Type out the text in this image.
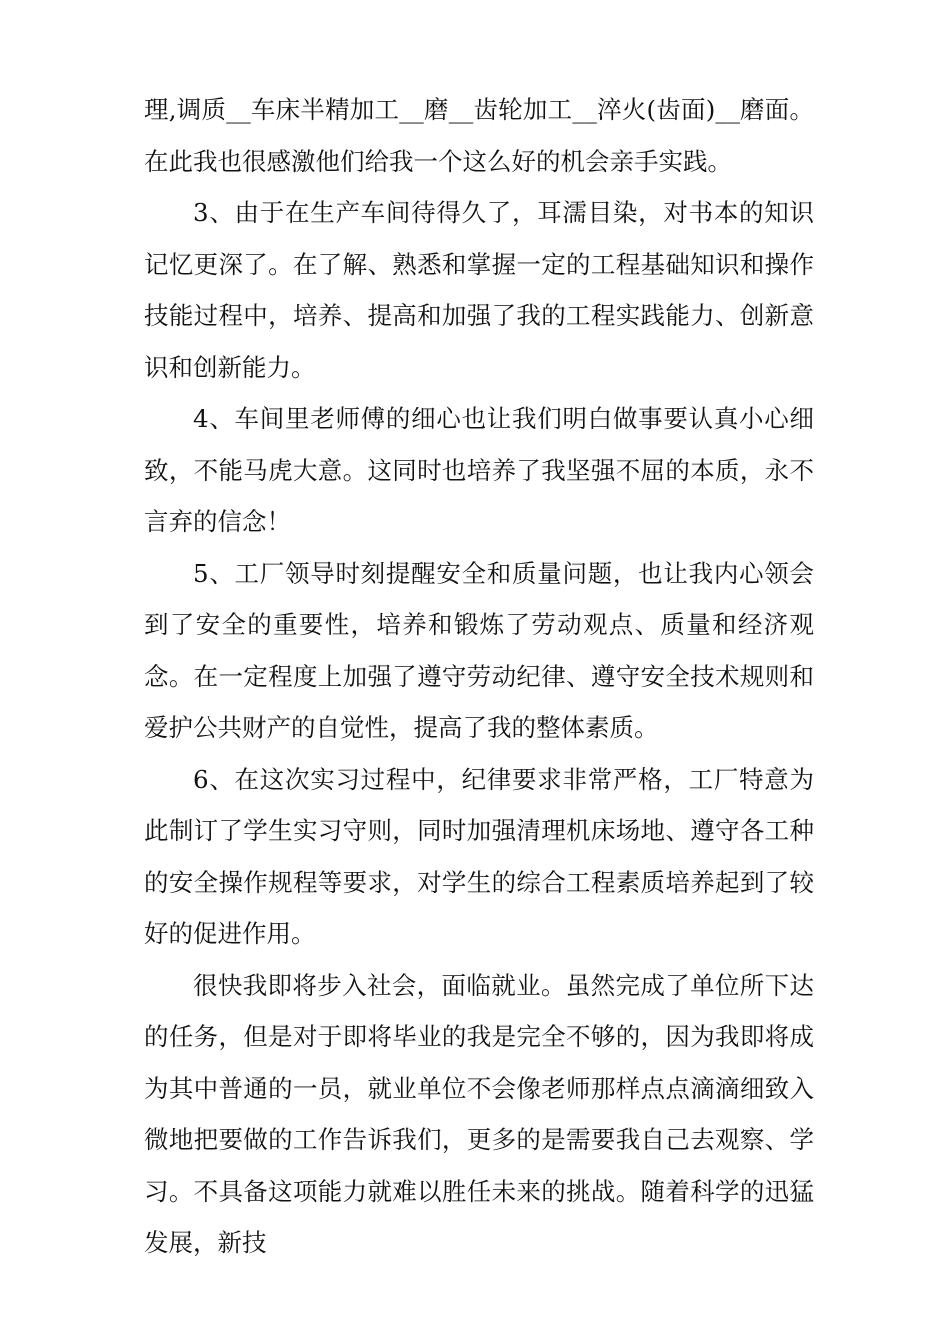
理,调质__车床半精加工__磨__齿轮加工__淬火(齿面)__磨面。在此我也很感激他们给我一个这么好的机会亲手实践。

3、由于在生产车间待得久了，耳濡目染，对书本的知识记忆更深了。在了解、熟悉和掌握一定的工程基础知识和操作技能过程中，培养、提高和加强了我的工程实践能力、创新意识和创新能力。

4、车间里老师傅的细心也让我们明白做事要认真小心细致，不能马虎大意。这同时也培养了我坚强不屈的本质，永不言弃的信念！

5、工厂领导时刻提醒安全和质量问题，也让我内心领会到了安全的重要性，培养和锻炼了劳动观点、质量和经济观念。在一定程度上加强了遵守劳动纪律、遵守安全技术规则和爱护公共财产的自觉性，提高了我的整体素质。

6、在这次实习过程中，纪律要求非常严格，工厂特意为此制订了学生实习守则，同时加强清理机床场地、遵守各工种的安全操作规程等要求，对学生的综合工程素质培养起到了较好的促进作用。

很快我即将步入社会，面临就业。虽然完成了单位所下达的任务，但是对于即将毕业的我是完全不够的，因为我即将成为其中普通的一员，就业单位不会像老师那样点点滴滴细致入微地把要做的工作告诉我们，更多的是需要我自己去观察、学习。不具备这项能力就难以胜任未来的挑战。随着科学的迅猛发展，新技
